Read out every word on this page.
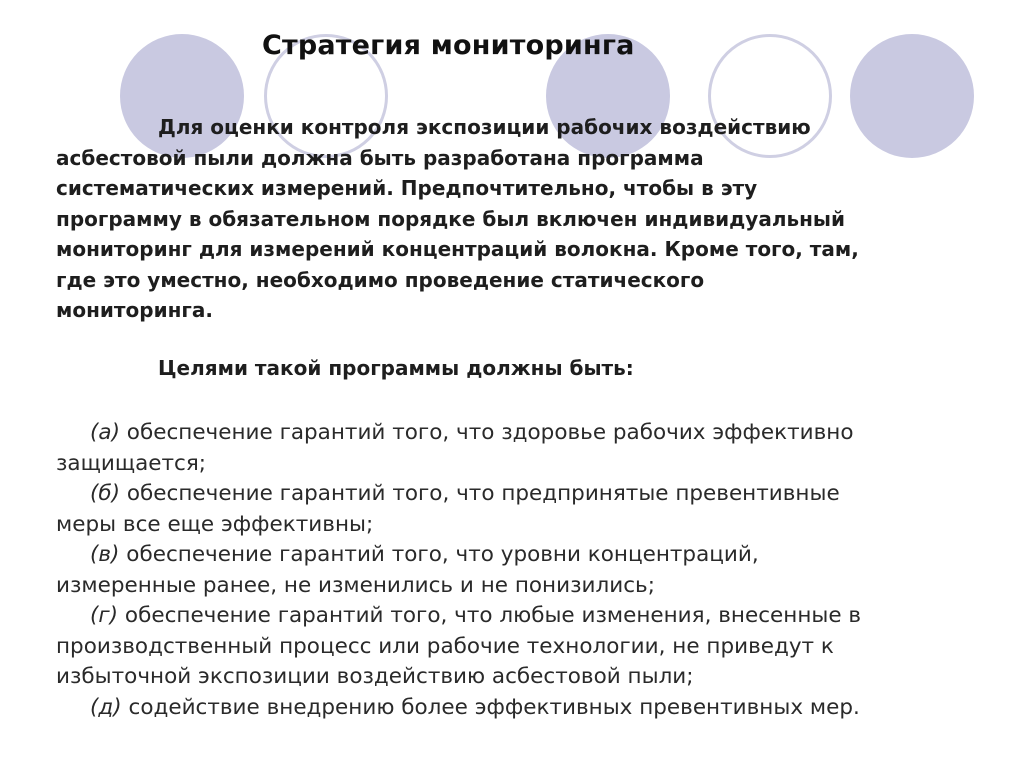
Стратегия мониторинга
Для оценки контроля экспозиции рабочих воздействию
асбестовой пыли должна быть разработана программа
систематических измерений. Предпочтительно, чтобы в эту
программу в обязательном порядке был включен индивидуальный
мониторинг для измерений концентраций волокна. Кроме того, там,
где это уместно, необходимо проведение статического
мониторинга.
Целями такой программы должны быть:
(а) обеспечение гарантий того, что здоровье рабочих эффективно
защищается;
(б) обеспечение гарантий того, что предпринятые превентивные
меры все еще эффективны;
(в) обеспечение гарантий того, что уровни концентраций,
измеренные ранее, не изменились и не понизились;
(г) обеспечение гарантий того, что любые изменения, внесенные в
производственный процесс или рабочие технологии, не приведут к
избыточной экспозиции воздействию асбестовой пыли;
(д) содействие внедрению более эффективных превентивных мер.
